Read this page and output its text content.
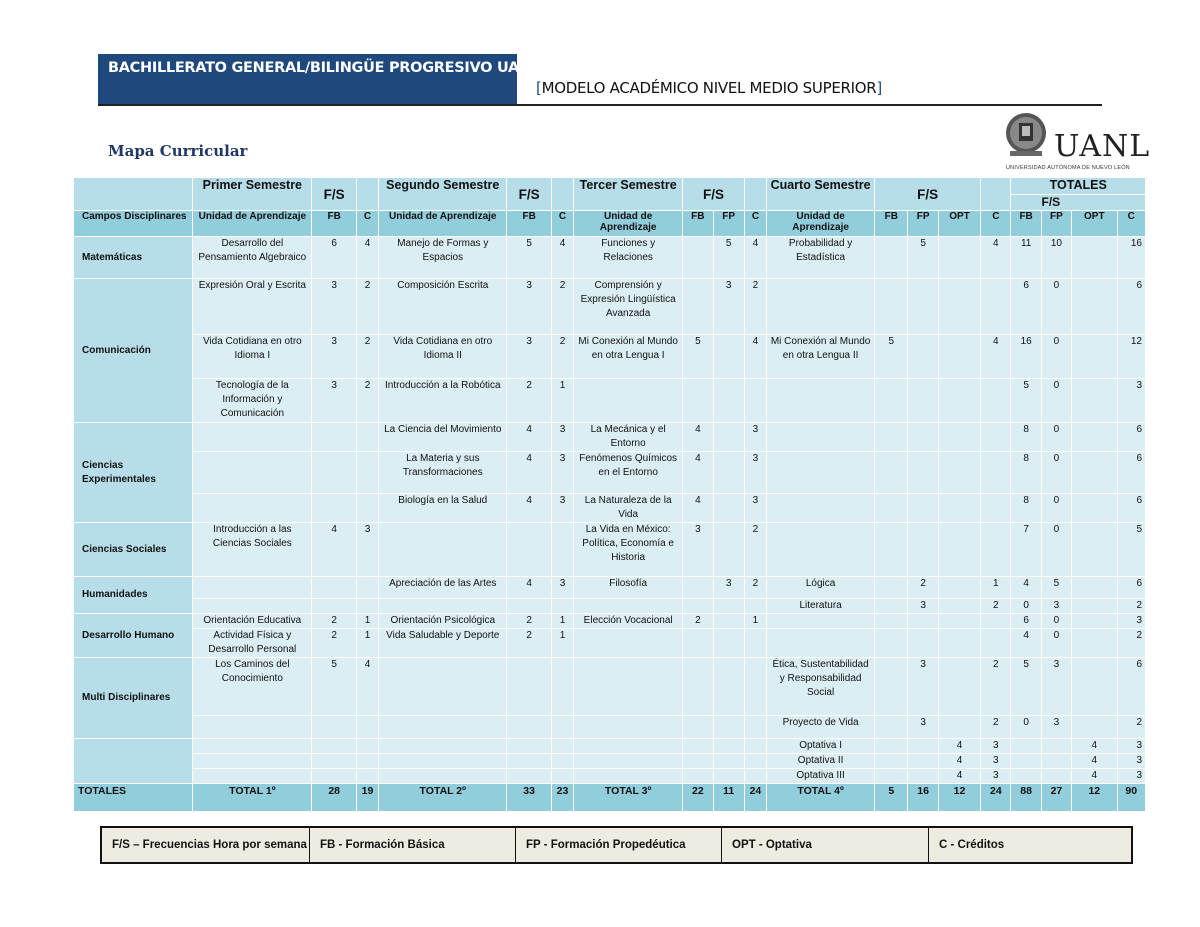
BACHILLERATO GENERAL/BILINGÜE PROGRESIVO UANL
[MODELO ACADÉMICO NIVEL MEDIO SUPERIOR]
Mapa Curricular	UANL
UNIVERSIDAD AUTÓNOMA DE NUEVO LEÓN
	Primer Semestre	F/S		Segundo Semestre	F/S		Tercer Semestre	F/S			Cuarto Semestre	F/S				TOTALES
F/S			

Campos Disciplinares	Unidad de Aprendizaje	FB	C	Unidad de Aprendizaje	FB	C	Unidad de Aprendizaje	FB	FP	C	Unidad de Aprendizaje	FB	FP	OPT	C	FB	FP	OPT	C
Matemáticas	Desarrollo del Pensamiento Algebraico	6	4	Manejo de Formas y Espacios	5	4	Funciones y Relaciones		5	4	Probabilidad y Estadística		5		4	11	10		16
Comunicación	Expresión Oral y Escrita	3	2	Composición Escrita	3	2	Comprensión y Expresión Lingüística Avanzada		3	2						6	0		6
	Vida Cotidiana en otro Idioma I	3	2	Vida Cotidiana en otro Idioma II	3	2	Mi Conexión al Mundo en otra Lengua I	5		4	Mi Conexión al Mundo en otra Lengua II	5			4	16	0		12
	Tecnología de la Información y Comunicación	3	2	Introducción a la Robótica	2	1										5	0		3
Ciencias Experimentales				La Ciencia del Movimiento	4	3	La Mecánica y el Entorno	4		3						8	0		6
				La Materia y sus Transformaciones	4	3	Fenómenos Químicos en el Entorno	4		3						8	0		6
				Biología en la Salud	4	3	La Naturaleza de la Vida	4		3						8	0		6
Ciencias Sociales	Introducción a las Ciencias Sociales	4	3				La Vida en México: Política, Economía e Historia	3		2						7	0		5
Humanidades				Apreciación de las Artes	4	3	Filosofía		3	2	Lógica		2		1	4	5		6
											Literatura		3		2	0	3		2
Desarrollo Humano	Orientación Educativa	2	1	Orientación Psicológica	2	1	Elección Vocacional	2		1						6	0		3
	Actividad Física y Desarrollo Personal	2	1	Vida Saludable y Deporte	2	1										4	0		2
Multi Disciplinares	Los Caminos del Conocimiento	5	4								Ética, Sustentabilidad y Responsabilidad Social		3		2	5	3		6
											Proyecto de Vida		3		2	0	3		2
											Optativa I			4	3			4	3
											Optativa II			4	3			4	3
											Optativa III			4	3			4	3
TOTALES	TOTAL 1º	28	19	TOTAL 2º	33	23	TOTAL 3º	22	11	24	TOTAL 4º	5	16	12	24	88	27	12	90
F/S – Frecuencias Hora por semana	FB - Formación Básica	FP - Formación Propedéutica	OPT - Optativa	C - Créditos
